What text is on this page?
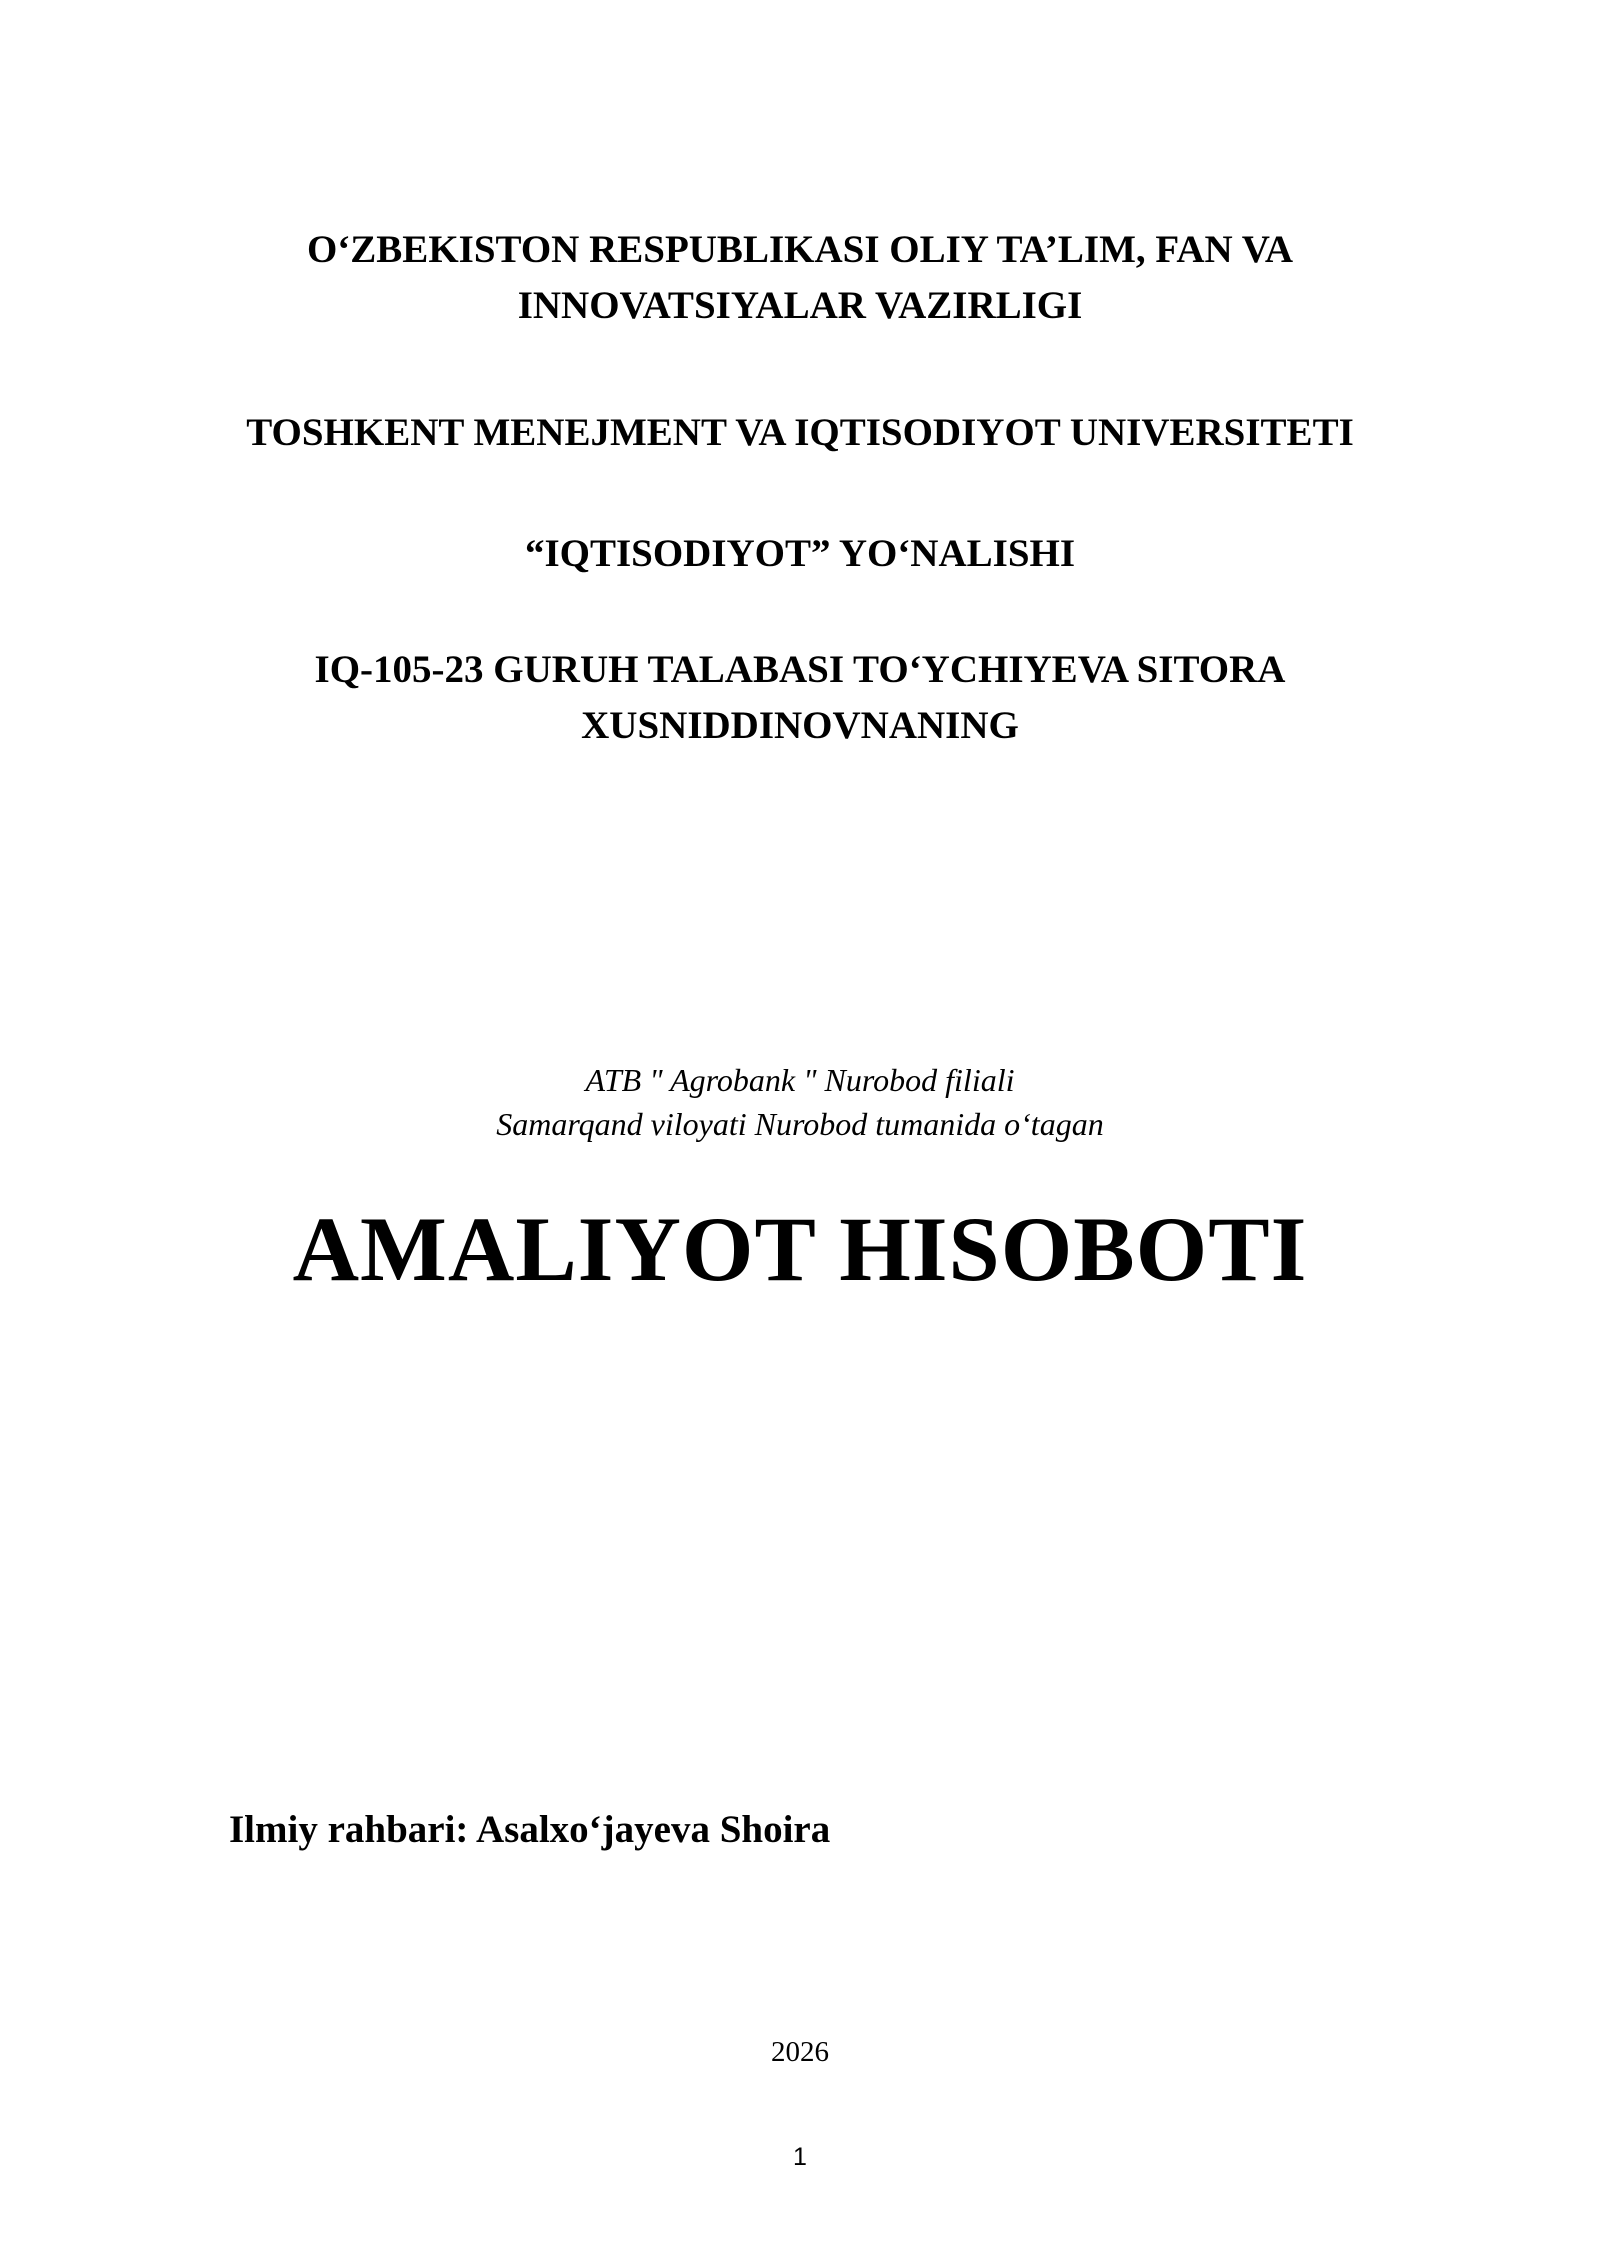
O‘ZBEKISTON RESPUBLIKASI OLIY TA’LIM, FAN VA
INNOVATSIYALAR VAZIRLIGI
TOSHKENT MENEJMENT VA IQTISODIYOT UNIVERSITETI
“IQTISODIYOT” YO‘NALISHI
IQ-105-23 GURUH TALABASI TO‘YCHIYEVA SITORA
XUSNIDDINOVNANING
ATB " Agrobank " Nurobod filiali
Samarqand viloyati Nurobod tumanida o‘tagan
AMALIYOT HISOBOTI
Ilmiy rahbari: Asalxo‘jayeva Shoira
2026
1
